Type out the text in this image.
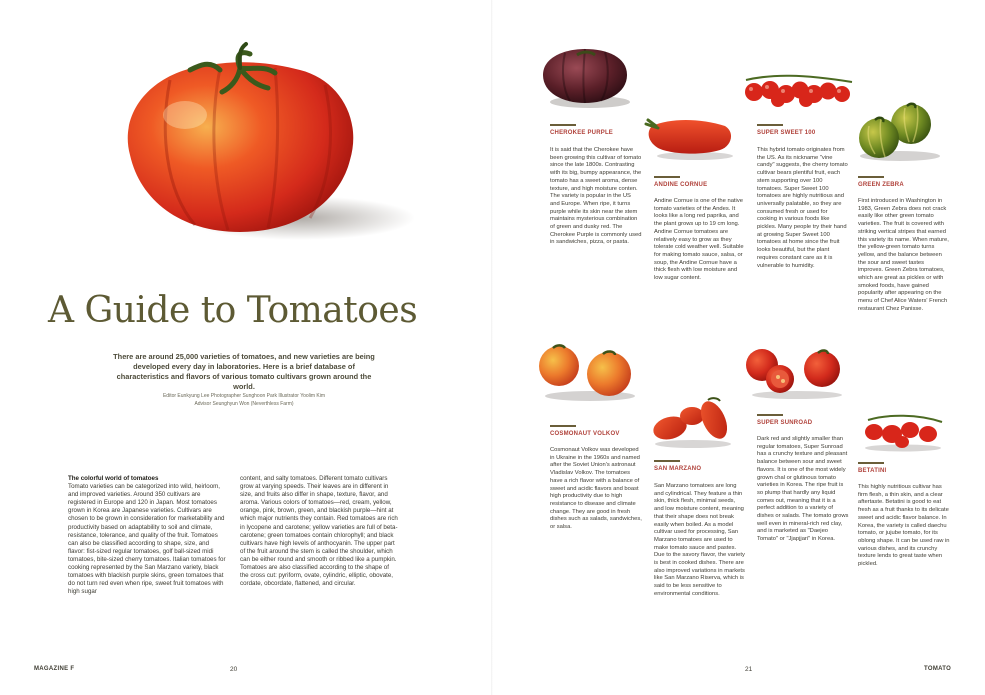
A Guide to Tomatoes
There are around 25,000 varieties of tomatoes, and new varieties are being developed every day in laboratories. Here is a brief database of characteristics and flavors of various tomato cultivars grown around the world.
Editor Eunkyung Lee Photographer Sunghoon Park Illustrator Yoolim Kim
Advisor Seunghyun Won (Neverthless Farm)
The colorful world of tomatoes
Tomato varieties can be categorized into wild, heirloom, and improved varieties. Around 350 cultivars are registered in Europe and 120 in Japan. Most tomatoes grown in Korea are Japanese varieties. Cultivars are chosen to be grown in consideration for marketability and productivity based on adaptability to soil and climate, resistance, tolerance, and quality of the fruit. Tomatoes can also be classified according to shape, size, and flavor: fist-sized regular tomatoes, golf ball-sized midi tomatoes, bite-sized cherry tomatoes. Italian tomatoes for cooking represented by the San Marzano variety, black tomatoes with blackish purple skins, green tomatoes that do not turn red even when ripe, sweet fruit tomatoes with high sugar
content, and salty tomatoes. Different tomato cultivars grow at varying speeds. Their leaves are in different in size, and fruits also differ in shape, texture, flavor, and aroma. Various colors of tomatoes—red, cream, yellow, orange, pink, brown, green, and blackish purple—hint at which major nutrients they contain. Red tomatoes are rich in lycopene and carotene; yellow varieties are full of beta-carotene; green tomatoes contain chlorophyll; and black cultivars have high levels of anthocyanin. The upper part of the fruit around the stem is called the shoulder, which can be either round and smooth or ribbed like a pumpkin. Tomatoes are also classified according to the shape of the cross cut: pyriform, ovate, cylindric, elliptic, obovate, cordate, obcordate, flattened, and circular.
MAGAZINE F	20
CHEROKEE PURPLE
It is said that the Cherokee have been growing this cultivar of tomato since the late 1800s. Contrasting with its big, bumpy appearance, the tomato has a sweet aroma, dense texture, and high moisture conten. The variety is popular in the US and Europe. When ripe, it turns purple while its skin near the stem maintains mysterious combination of green and dusky red. The Cherokee Purple is commonly used in sandwiches, pizza, or pasta.
ANDINE CORNUE
Andine Cornue is one of the native tomato varieties of the Andes. It looks like a long red paprika, and the plant grows up to 19 cm long. Andine Cornue tomatoes are relatively easy to grow as they tolerate cold weather well. Suitable for making tomato sauce, salsa, or soup, the Andine Cornue have a thick flesh with low moisture and low sugar content.
SUPER SWEET 100
This hybrid tomato originates from the US. As its nickname "vine candy" suggests, the cherry tomato cultivar bears plentiful fruit, each stem supporting over 100 tomatoes. Super Sweet 100 tomatoes are highly nutritious and universally palatable, so they are consumed fresh or used for cooking in various foods like pickles. Many people try their hand at growing Super Sweet 100 tomatoes at home since the fruit looks beautiful, but the plant requires constant care as it is vulnerable to humidity.
GREEN ZEBRA
First introduced in Washington in 1983, Green Zebra does not crack easily like other green tomato varieties. The fruit is covered with striking vertical stripes that earned this variety its name. When mature, the yellow-green tomato turns yellow, and the balance between the sour and sweet tastes improves. Green Zebra tomatoes, which are great as pickles or with smoked foods, have gained popularity after appearing on the menu of Chef Alice Waters' French restaurant Chez Panisse.
COSMONAUT VOLKOV
Cosmonaut Volkov was developed in Ukraine in the 1960s and named after the Soviet Union's astronaut Vladislav Volkov. The tomatoes have a rich flavor with a balance of sweet and acidic flavors and boast high productivity due to high resistance to disease and climate change. They are good in fresh dishes such as salads, sandwiches, or salsa.
SAN MARZANO
San Marzano tomatoes are long and cylindrical. They feature a thin skin, thick flesh, minimal seeds, and low moisture content, meaning that their shape does not break easily when boiled. As a model cultivar used for processing, San Marzano tomatoes are used to make tomato sauce and pastes. Due to the savory flavor, the variety is best in cooked dishes. There are also improved variations in markets like San Marzano Riserva, which is said to be less sensitive to environmental conditions.
SUPER SUNROAD
Dark red and slightly smaller than regular tomatoes, Super Sunroad has a crunchy texture and pleasant balance between sour and sweet flavors. It is one of the most widely grown chal or glutinous tomato varieties in Korea. The ripe fruit is so plump that hardly any liquid comes out, meaning that it is a perfect addition to a variety of dishes or salads. The tomato grows well even in mineral-rich red clay, and is marketed as "Daejeo Tomato" or "Jjapjjari" in Korea.
BETATINI
This highly nutritious cultivar has firm flesh, a thin skin, and a clear aftertaste. Betatini is good to eat fresh as a fruit thanks to its delicate sweet and acidic flavor balance. In Korea, the variety is called daechu tomato, or jujube tomato, for its oblong shape. It can be used raw in various dishes, and its crunchy texture lends to great taste when pickled.
21	TOMATO
